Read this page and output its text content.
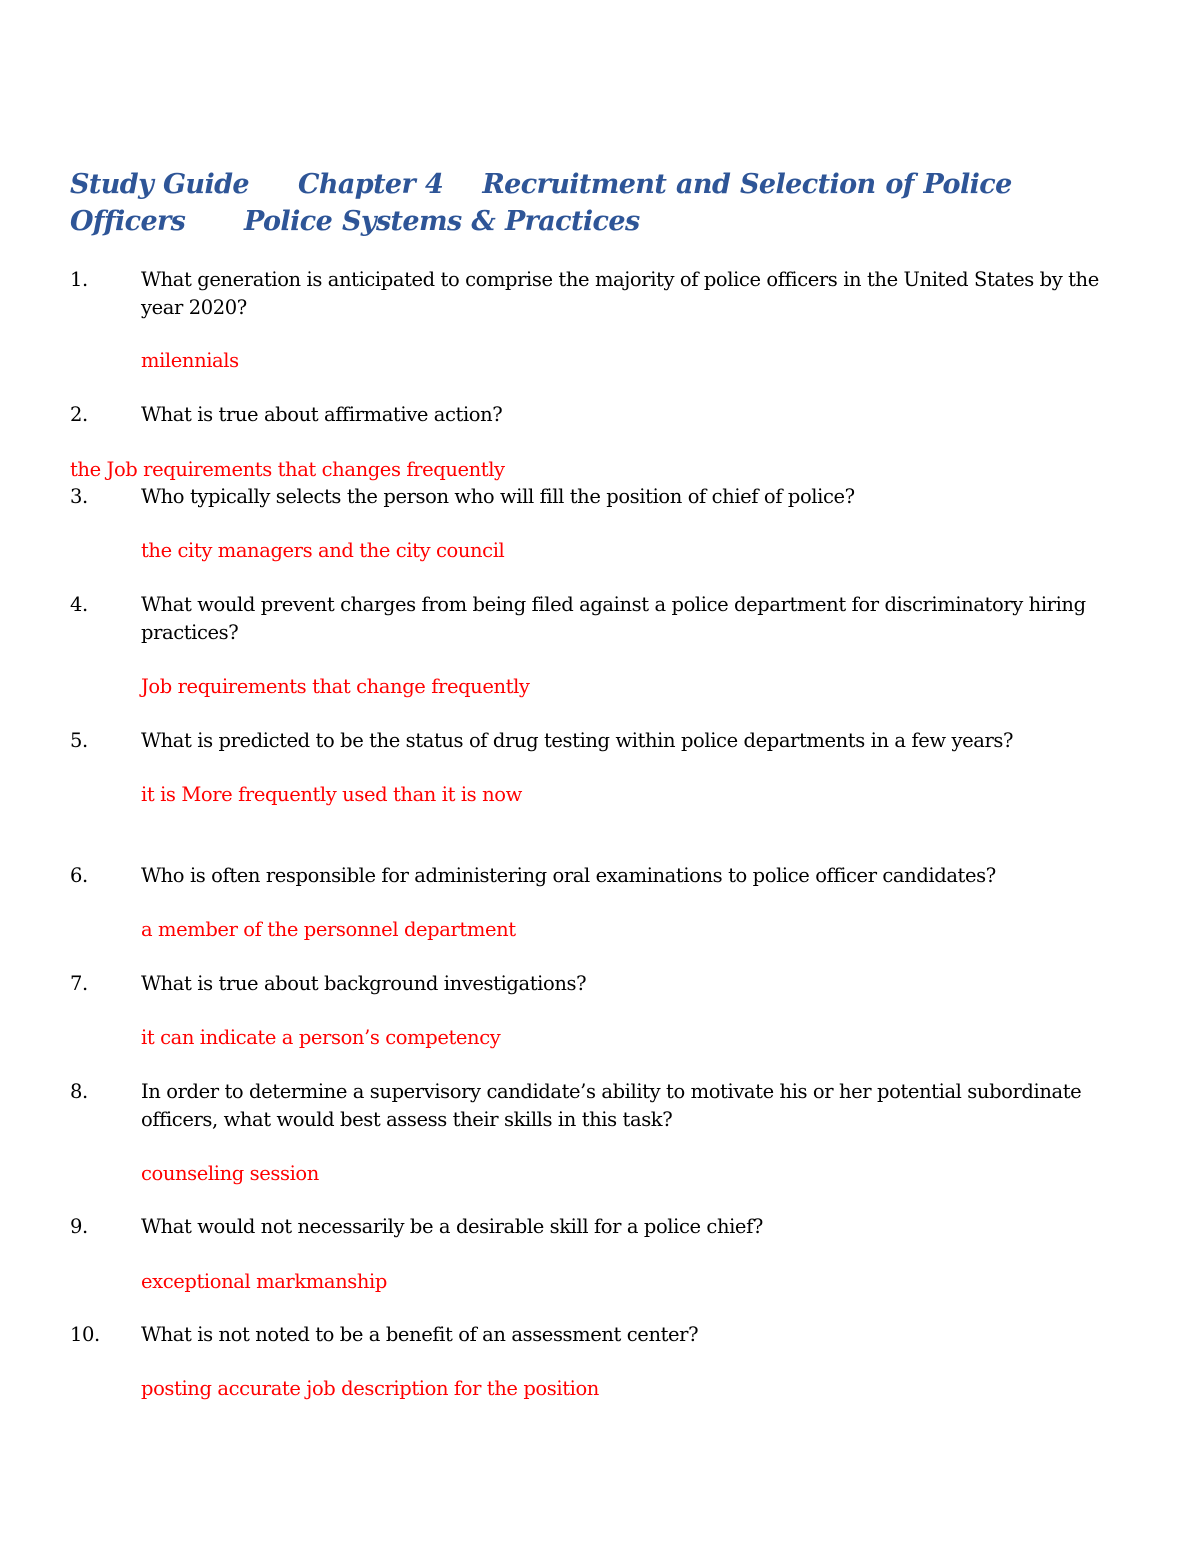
Study Guide     Chapter 4    Recruitment and Selection of Police Officers      Police Systems & Practices
1.	What generation is anticipated to comprise the majority of police officers in the United States by the year 2020?

milennials

2.	What is true about affirmative action?

the Job requirements that changes frequently

3.	Who typically selects the person who will fill the position of chief of police?

the city managers and the city council

4.	What would prevent charges from being filed against a police department for discriminatory hiring practices?

Job requirements that change frequently

5.	What is predicted to be the status of drug testing within police departments in a few years?

it is More frequently used than it is now

6.	Who is often responsible for administering oral examinations to police officer candidates?

a member of the personnel department

7.	What is true about background investigations?

it can indicate a person’s competency

8.	In order to determine a supervisory candidate’s ability to motivate his or her potential subordinate officers, what would best assess their skills in this task?

counseling session

9.	What would not necessarily be a desirable skill for a police chief?

exceptional markmanship

10. What is not noted to be a benefit of an assessment center?

posting accurate job description for the position
